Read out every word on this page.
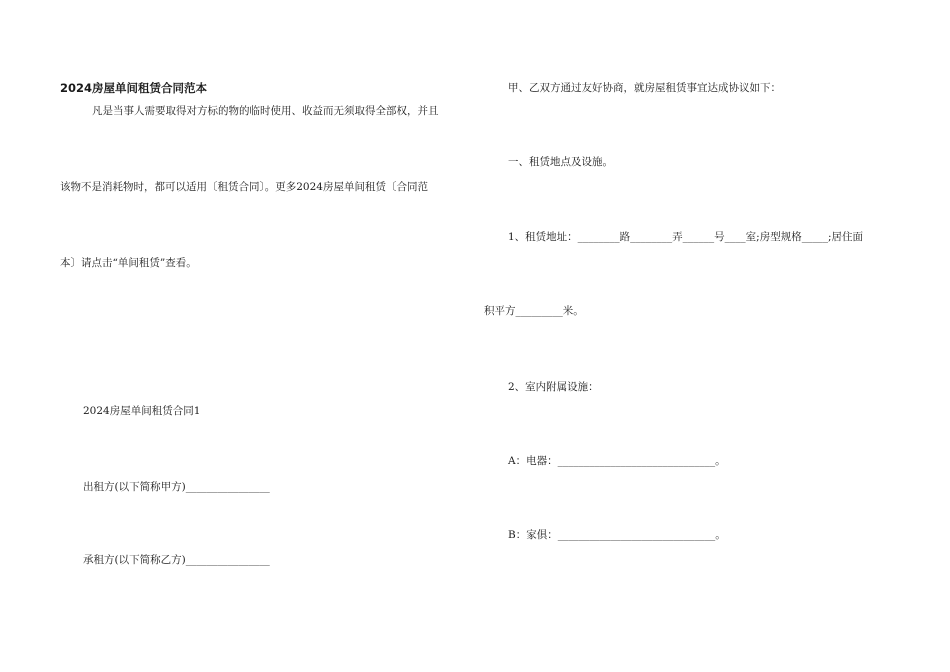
2024房屋单间租赁合同范本
凡是当事人需要取得对方标的物的临时使用、收益而无须取得全部权，并且
该物不是消耗物时，都可以适用〔租赁合同〕。更多2024房屋单间租赁〔合同范
本〕请点击“单间租赁”查看。
2024房屋单间租赁合同1
出租方(以下简称甲方)________________
承租方(以下简称乙方)________________
甲、乙双方通过友好协商，就房屋租赁事宜达成协议如下：
一、租赁地点及设施。
1、租赁地址：________路________弄______号____室;房型规格_____;居住面
积平方_________米。
2、室内附属设施：
A：电器：______________________________。
B：家俱：______________________________。
